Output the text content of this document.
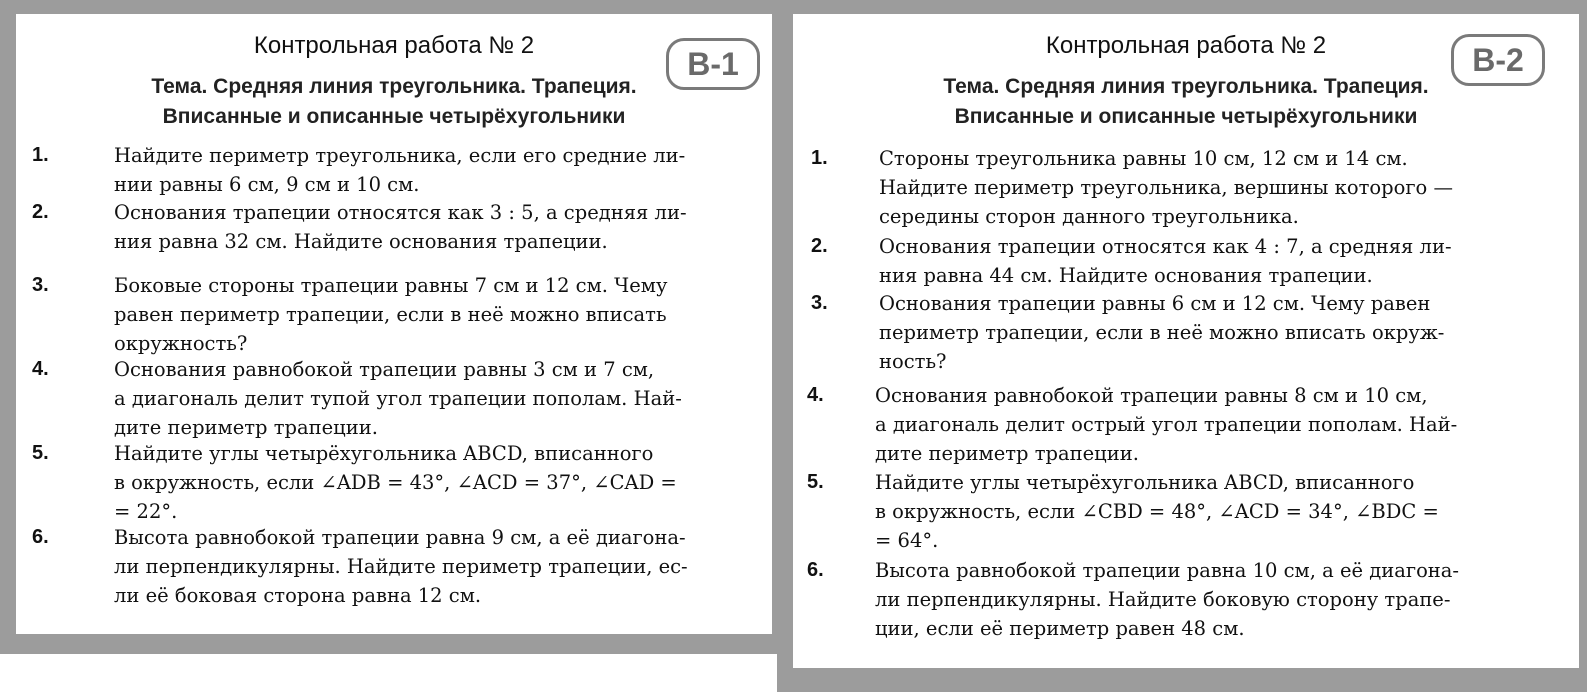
Контрольная работа № 2	В-1
Тема. Средняя линия треугольника. Трапеция.
Вписанные и описанные четырёхугольники
1.	Найдите периметр треугольника, если его средние ли-
нии равны 6 см, 9 см и 10 см.
2.	Основания трапеции относятся как 3 : 5, а средняя ли-
ния равна 32 см. Найдите основания трапеции.
3.	Боковые стороны трапеции равны 7 см и 12 см. Чему
равен периметр трапеции, если в неё можно вписать
окружность?
4.	Основания равнобокой трапеции равны 3 см и 7 см,
а диагональ делит тупой угол трапеции пополам. Най-
дите периметр трапеции.
5.	Найдите углы четырёхугольника ABCD, вписанного
в окружность, если ∠ADB = 43°, ∠ACD = 37°, ∠CAD =
= 22°.
6.	Высота равнобокой трапеции равна 9 см, а её диагона-
ли перпендикулярны. Найдите периметр трапеции, ес-
ли её боковая сторона равна 12 см.
Контрольная работа № 2	В-2
Тема. Средняя линия треугольника. Трапеция.
Вписанные и описанные четырёхугольники
1.	Стороны треугольника равны 10 см, 12 см и 14 см.
Найдите периметр треугольника, вершины которого —
середины сторон данного треугольника.
2.	Основания трапеции относятся как 4 : 7, а средняя ли-
ния равна 44 см. Найдите основания трапеции.
3.	Основания трапеции равны 6 см и 12 см. Чему равен
периметр трапеции, если в неё можно вписать окруж-
ность?
4.	Основания равнобокой трапеции равны 8 см и 10 см,
а диагональ делит острый угол трапеции пополам. Най-
дите периметр трапеции.
5.	Найдите углы четырёхугольника ABCD, вписанного
в окружность, если ∠CBD = 48°, ∠ACD = 34°, ∠BDC =
= 64°.
6.	Высота равнобокой трапеции равна 10 см, а её диагона-
ли перпендикулярны. Найдите боковую сторону трапе-
ции, если её периметр равен 48 см.
